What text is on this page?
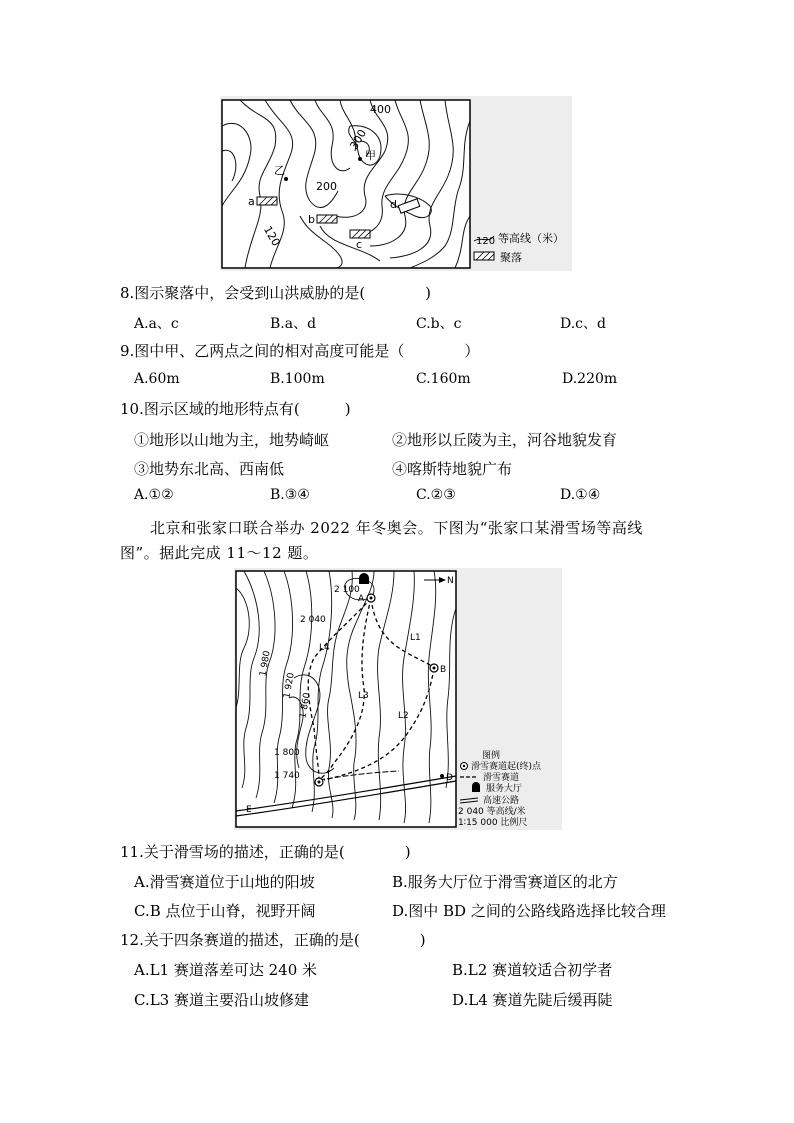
400
300
200
120
甲
乙
a
b
c
d
120 等高线（米）
聚落
8.图示聚落中，会受到山洪威胁的是(　　　　)
A.a、c	B.a、d	C.b、c	D.c、d
9.图中甲、乙两点之间的相对高度可能是（　　　　）
A.60m	B.100m	C.160m	D.220m
10.图示区域的地形特点有(　　　)
①地形以山地为主，地势崎岖	②地形以丘陵为主，河谷地貌发育
③地势东北高、西南低	④喀斯特地貌广布
A.①②	B.③④	C.②③	D.①④
北京和张家口联合举办 2022 年冬奥会。下图为“张家口某滑雪场等高线
图”。据此完成 11～12 题。
N
2 100
2 040
1 980
1 920
1 860
1 800
1 740
A
B
D
E
L1
L2
L3
L4
图例
滑雪赛道起(终)点
滑雪赛道
服务大厅
高速公路
2 040 等高线/米
1∶15 000 比例尺
11.关于滑雪场的描述，正确的是(　　　　)
A.滑雪赛道位于山地的阳坡	B.服务大厅位于滑雪赛道区的北方
C.B 点位于山脊，视野开阔	D.图中 BD 之间的公路线路选择比较合理
12.关于四条赛道的描述，正确的是(　　　　)
A.L1 赛道落差可达 240 米	B.L2 赛道较适合初学者
C.L3 赛道主要沿山坡修建	D.L4 赛道先陡后缓再陡
